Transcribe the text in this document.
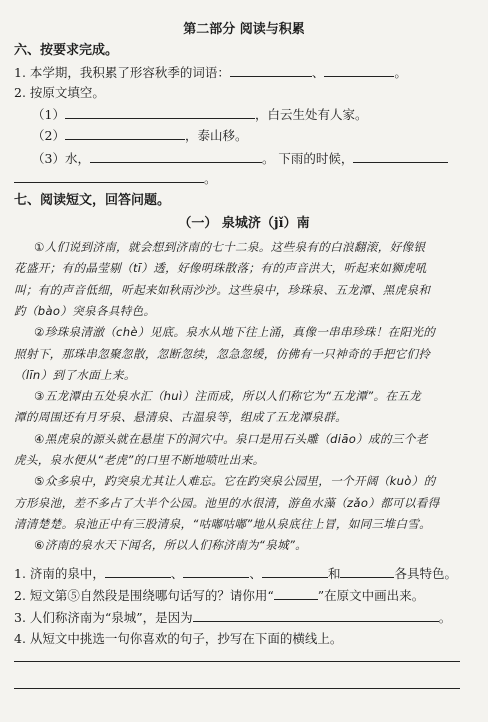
第二部分 阅读与积累
六、按要求完成。
1. 本学期，我积累了形容秋季的词语：	、	。
2. 按原文填空。
（1）	，白云生处有人家。
（2）	，泰山移。
（3）水，	。 下雨的时候，
。
七、阅读短文，回答问题。
（一） 泉城济（jǐ）南
①人们说到济南，就会想到济南的七十二泉。这些泉有的白浪翻滚，好像银
花盛开；有的晶莹剔（tī）透，好像明珠散落；有的声音洪大，听起来如狮虎吼
叫；有的声音低细，听起来如秋雨沙沙。这些泉中，珍珠泉、五龙潭、黑虎泉和
趵（bào）突泉各具特色。
②珍珠泉清澈（chè）见底。泉水从地下往上涌，真像一串串珍珠！在阳光的
照射下，那珠串忽聚忽散，忽断忽续，忽急忽缓，仿佛有一只神奇的手把它们拎
（līn）到了水面上来。
③五龙潭由五处泉水汇（huì）注而成，所以人们称它为“五龙潭”。在五龙
潭的周围还有月牙泉、悬清泉、古温泉等，组成了五龙潭泉群。
④黑虎泉的源头就在悬崖下的洞穴中。泉口是用石头雕（diāo）成的三个老
虎头，泉水便从“老虎”的口里不断地喷吐出来。
⑤众多泉中，趵突泉尤其让人难忘。它在趵突泉公园里，一个开阔（kuò）的
方形泉池，差不多占了大半个公园。池里的水很清，游鱼水藻（zǎo）都可以看得
清清楚楚。泉池正中有三股清泉，“咕嘟咕嘟”地从泉底往上冒，如同三堆白雪。
⑥济南的泉水天下闻名，所以人们称济南为“泉城”。
1. 济南的泉中，	、	、	和	各具特色。
2. 短文第⑤自然段是围绕哪句话写的？请你用“	”在原文中画出来。
3. 人们称济南为“泉城”，是因为	。
4. 从短文中挑选一句你喜欢的句子，抄写在下面的横线上。
